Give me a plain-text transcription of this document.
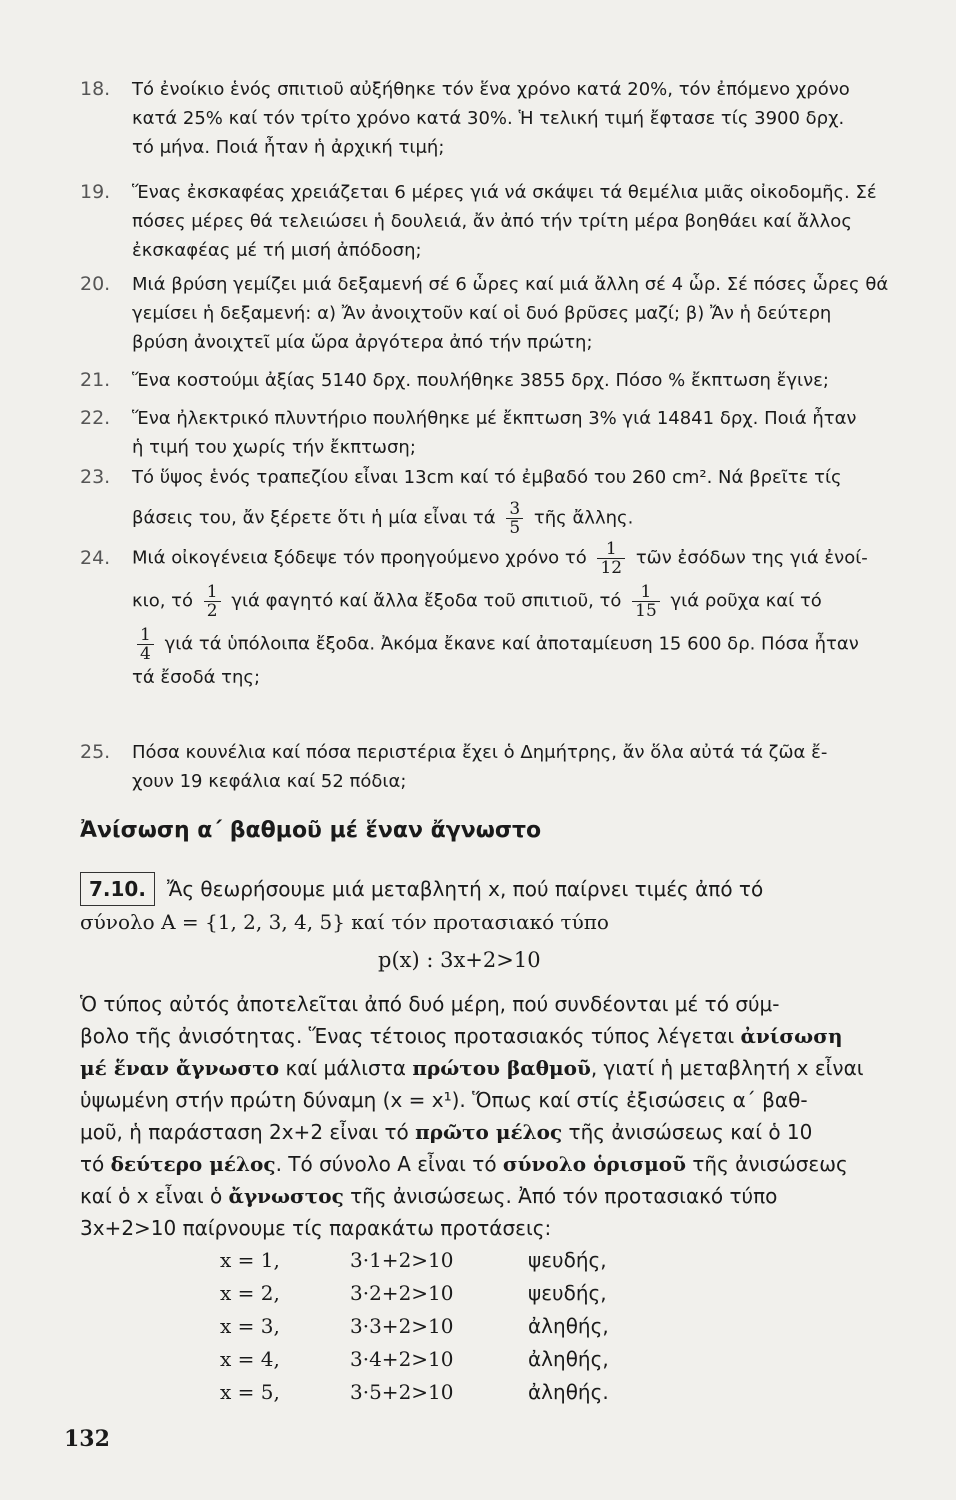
18. Τό ἐνοίκιο ἑνός σπιτιοῦ αὐξήθηκε τόν ἕνα χρόνο κατά 20%, τόν ἐπόμενο χρόνο
κατά 25% καί τόν τρίτο χρόνο κατά 30%. Ἡ τελική τιμή ἔφτασε τίς 3900 δρχ.
τό μήνα. Ποιά ἦταν ἡ ἀρχική τιμή;
19. Ἕνας ἐκσκαφέας χρειάζεται 6 μέρες γιά νά σκάψει τά θεμέλια μιᾶς οἰκοδομῆς. Σέ
πόσες μέρες θά τελειώσει ἡ δουλειά, ἄν ἀπό τήν τρίτη μέρα βοηθάει καί ἄλλος
ἐκσκαφέας μέ τή μισή ἀπόδοση;
20. Μιά βρύση γεμίζει μιά δεξαμενή σέ 6 ὧρες καί μιά ἄλλη σέ 4 ὧρ. Σέ πόσες ὧρες θά
γεμίσει ἡ δεξαμενή: α) Ἄν ἀνοιχτοῦν καί οἱ δυό βρῦσες μαζί; β) Ἄν ἡ δεύτερη
βρύση ἀνοιχτεῖ μία ὥρα ἀργότερα ἀπό τήν πρώτη;
21. Ἕνα κοστούμι ἀξίας 5140 δρχ. πουλήθηκε 3855 δρχ. Πόσο % ἔκπτωση ἔγινε;
22. Ἕνα ἠλεκτρικό πλυντήριο πουλήθηκε μέ ἔκπτωση 3% γιά 14841 δρχ. Ποιά ἦταν
ἡ τιμή του χωρίς τήν ἔκπτωση;
23. Τό ὕψος ἑνός τραπεζίου εἶναι 13cm καί τό ἐμβαδό του 260 cm². Νά βρεῖτε τίς
βάσεις του, ἄν ξέρετε ὅτι ἡ μία εἶναι τά $\frac{3}{5}$ τῆς ἄλλης.
24. Μιά οἰκογένεια ξόδεψε τόν προηγούμενο χρόνο τό $\frac{1}{12}$ τῶν ἐσόδων της γιά ἐνοί-
κιο, τό $\frac{1}{2}$ γιά φαγητό καί ἄλλα ἔξοδα τοῦ σπιτιοῦ, τό $\frac{1}{15}$ γιά ροῦχα καί τό
$\frac{1}{4}$ γιά τά ὑπόλοιπα ἔξοδα. Ἀκόμα ἔκανε καί ἀποταμίευση 15 600 δρ. Πόσα ἦταν
τά ἔσοδά της;
25. Πόσα κουνέλια καί πόσα περιστέρια ἔχει ὁ Δημήτρης, ἄν ὅλα αὐτά τά ζῶα ἔ-
χουν 19 κεφάλια καί 52 πόδια;
Ἀνίσωση α΄ βαθμοῦ μέ ἕναν ἄγνωστο
7.10. Ἄς θεωρήσουμε μιά μεταβλητή x, πού παίρνει τιμές ἀπό τό
σύνολο A = {1, 2, 3, 4, 5} καί τόν προτασιακό τύπο
p(x) : 3x+2>10
Ὁ τύπος αὐτός ἀποτελεῖται ἀπό δυό μέρη, πού συνδέονται μέ τό σύμ-
βολο τῆς ἀνισότητας. Ἕνας τέτοιος προτασιακός τύπος λέγεται ἀνίσωση
μέ ἕναν ἄγνωστο καί μάλιστα πρώτου βαθμοῦ, γιατί ἡ μεταβλητή x εἶναι
ὑψωμένη στήν πρώτη δύναμη (x = x¹). Ὅπως καί στίς ἐξισώσεις α΄ βαθ-
μοῦ, ἡ παράσταση 2x+2 εἶναι τό πρῶτο μέλος τῆς ἀνισώσεως καί ὁ 10
τό δεύτερο μέλος. Τό σύνολο A εἶναι τό σύνολο ὁρισμοῦ τῆς ἀνισώσεως
καί ὁ x εἶναι ὁ ἄγνωστος τῆς ἀνισώσεως. Ἀπό τόν προτασιακό τύπο
3x+2>10 παίρνουμε τίς παρακάτω προτάσεις:
x = 1,	3·1+2>10	ψευδής,
x = 2,	3·2+2>10	ψευδής,
x = 3,	3·3+2>10	ἀληθής,
x = 4,	3·4+2>10	ἀληθής,
x = 5,	3·5+2>10	ἀληθής.
132
